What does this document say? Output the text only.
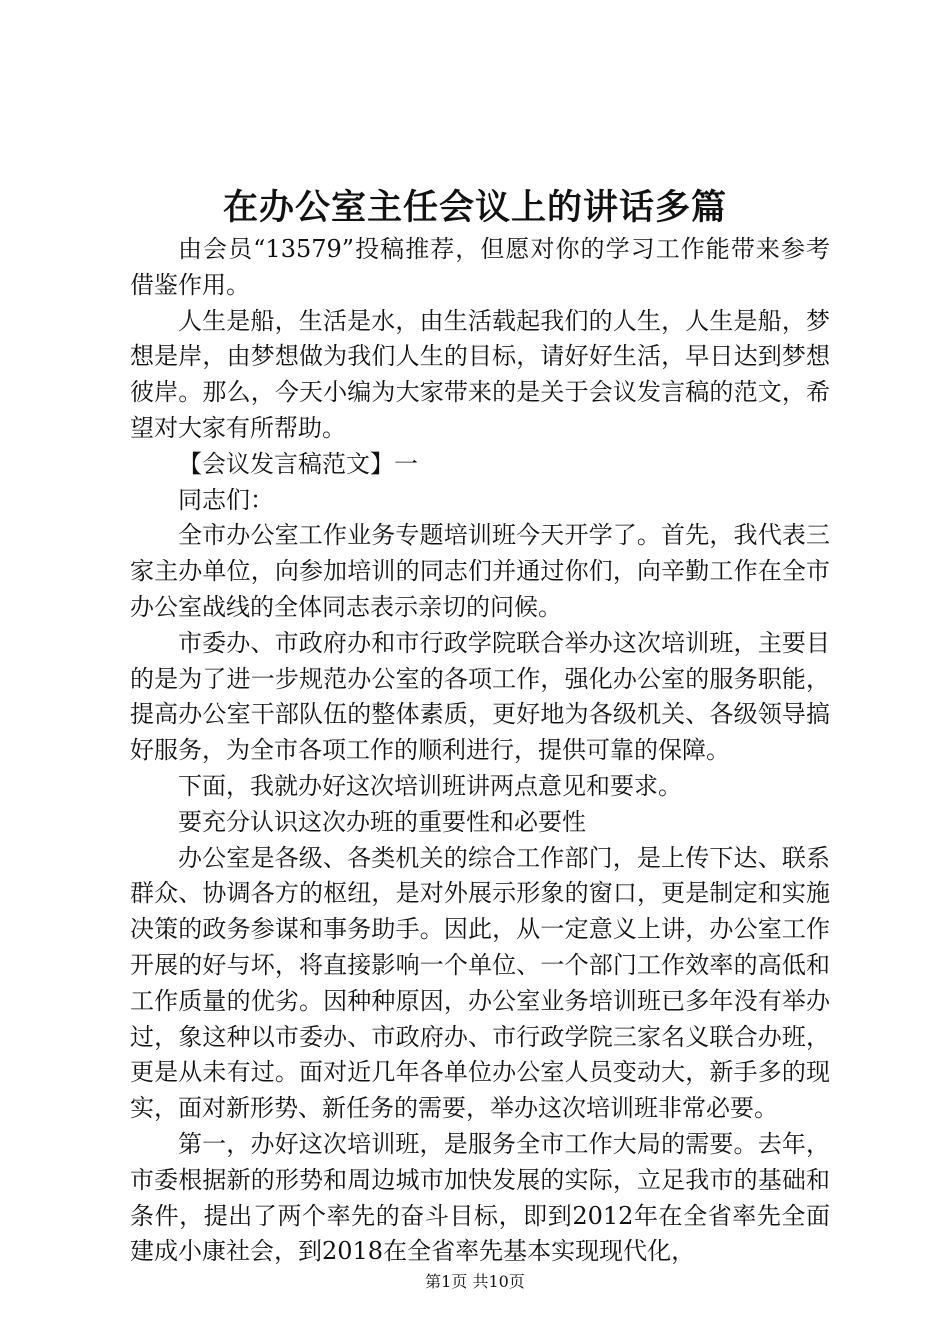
在办公室主任会议上的讲话多篇

由会员“13579”投稿推荐，但愿对你的学习工作能带来参考借鉴作用。

人生是船，生活是水，由生活载起我们的人生，人生是船，梦想是岸，由梦想做为我们人生的目标，请好好生活，早日达到梦想彼岸。那么，今天小编为大家带来的是关于会议发言稿的范文，希望对大家有所帮助。

【会议发言稿范文】一

同志们：

全市办公室工作业务专题培训班今天开学了。首先，我代表三家主办单位，向参加培训的同志们并通过你们，向辛勤工作在全市办公室战线的全体同志表示亲切的问候。

市委办、市政府办和市行政学院联合举办这次培训班，主要目的是为了进一步规范办公室的各项工作，强化办公室的服务职能，提高办公室干部队伍的整体素质，更好地为各级机关、各级领导搞好服务，为全市各项工作的顺利进行，提供可靠的保障。

下面，我就办好这次培训班讲两点意见和要求。

要充分认识这次办班的重要性和必要性

办公室是各级、各类机关的综合工作部门，是上传下达、联系群众、协调各方的枢纽，是对外展示形象的窗口，更是制定和实施决策的政务参谋和事务助手。因此，从一定意义上讲，办公室工作开展的好与坏，将直接影响一个单位、一个部门工作效率的高低和工作质量的优劣。因种种原因，办公室业务培训班已多年没有举办过，象这种以市委办、市政府办、市行政学院三家名义联合办班，更是从未有过。面对近几年各单位办公室人员变动大，新手多的现实，面对新形势、新任务的需要，举办这次培训班非常必要。

第一，办好这次培训班，是服务全市工作大局的需要。去年，市委根据新的形势和周边城市加快发展的实际，立足我市的基础和条件，提出了两个率先的奋斗目标，即到2012年在全省率先全面建成小康社会，到2018在全省率先基本实现现代化，

第1页 共10页
